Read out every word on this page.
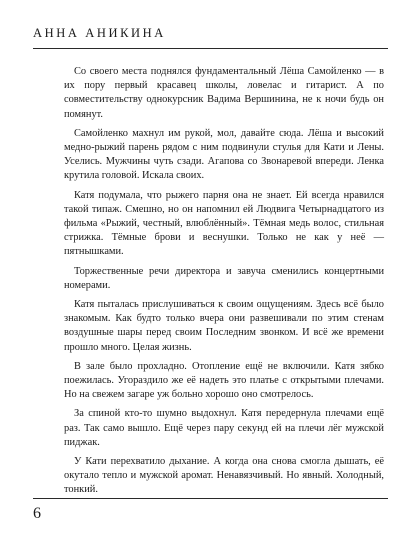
АННА АНИКИНА

Со своего места поднялся фундаментальный Лёша Самойленко — в их пору первый красавец школы, ловелас и гитарист. А по совместительству однокурсник Вадима Вершинина, не к ночи будь он помянут.

Самойленко махнул им рукой, мол, давайте сюда. Лёша и высокий медно-рыжий парень рядом с ним подвинули стулья для Кати и Лены. Уселись. Мужчины чуть сзади. Агапова со Звонаревой впереди. Ленка крутила головой. Искала своих.

Катя подумала, что рыжего парня она не знает. Ей всегда нравился такой типаж. Смешно, но он напомнил ей Людвига Четырнадцатого из фильма «Рыжий, честный, влюблённый». Тёмная медь волос, стильная стрижка. Тёмные брови и веснушки. Только не как у неё — пятнышками.

Торжественные речи директора и завуча сменились концертными номерами.

Катя пыталась прислушиваться к своим ощущениям. Здесь всё было знакомым. Как будто только вчера они развешивали по этим стенам воздушные шары перед своим Последним звонком. И всё же времени прошло много. Целая жизнь.

В зале было прохладно. Отопление ещё не включили. Катя зябко поежилась. Угораздило же её надеть это платье с открытыми плечами. Но на свежем загаре уж больно хорошо оно смотрелось.

За спиной кто-то шумно выдохнул. Катя передернула плечами ещё раз. Так само вышло. Ещё через пару секунд ей на плечи лёг мужской пиджак.

У Кати перехватило дыхание. А когда она снова смогла дышать, её окутало тепло и мужской аромат. Ненавязчивый. Но явный. Холодный, тонкий.

6
